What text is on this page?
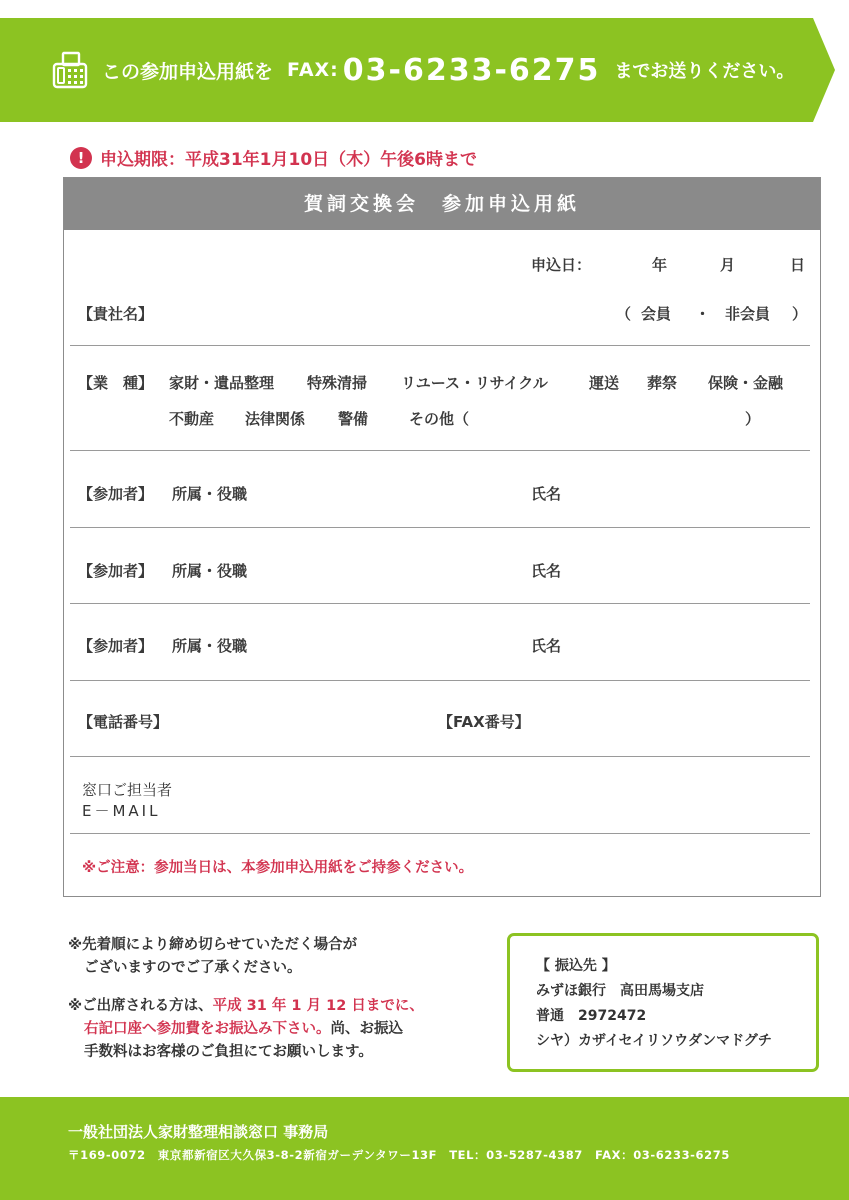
この参加申込用紙を FAX: 03-6233-6275 までお送りください。
! 申込期限：平成31年1月10日（木）午後6時まで
賀詞交換会　参加申込用紙
申込日：	年	月	日
【貴社名】	（ 会員 ・ 非会員 ）
【業　種】 家財・遺品整理 特殊清掃 リユース・リサイクル	運送 葬祭 保険・金融
不動産 法律関係 警備	その他（	）
【参加者】 所属・役職	氏名
【参加者】 所属・役職	氏名
【参加者】 所属・役職	氏名
【電話番号】	【FAX番号】
窓口ご担当者
E－MAIL
※ご注意：参加当日は、本参加申込用紙をご持参ください。

※先着順により締め切らせていただく場合が

ございますのでご了承ください。

※ご出席される方は、平成 31 年 1 月 12 日までに、

右記口座へ参加費をお振込み下さい。尚、お振込

手数料はお客様のご負担にてお願いします。

【 振込先 】

みずほ銀行　高田馬場支店

普通　2972472

シヤ）カザイセイリソウダンマドグチ

一般社団法人家財整理相談窓口 事務局
〒169-0072　東京都新宿区大久保3-8-2新宿ガーデンタワー13F　TEL：03-5287-4387　FAX：03-6233-6275
